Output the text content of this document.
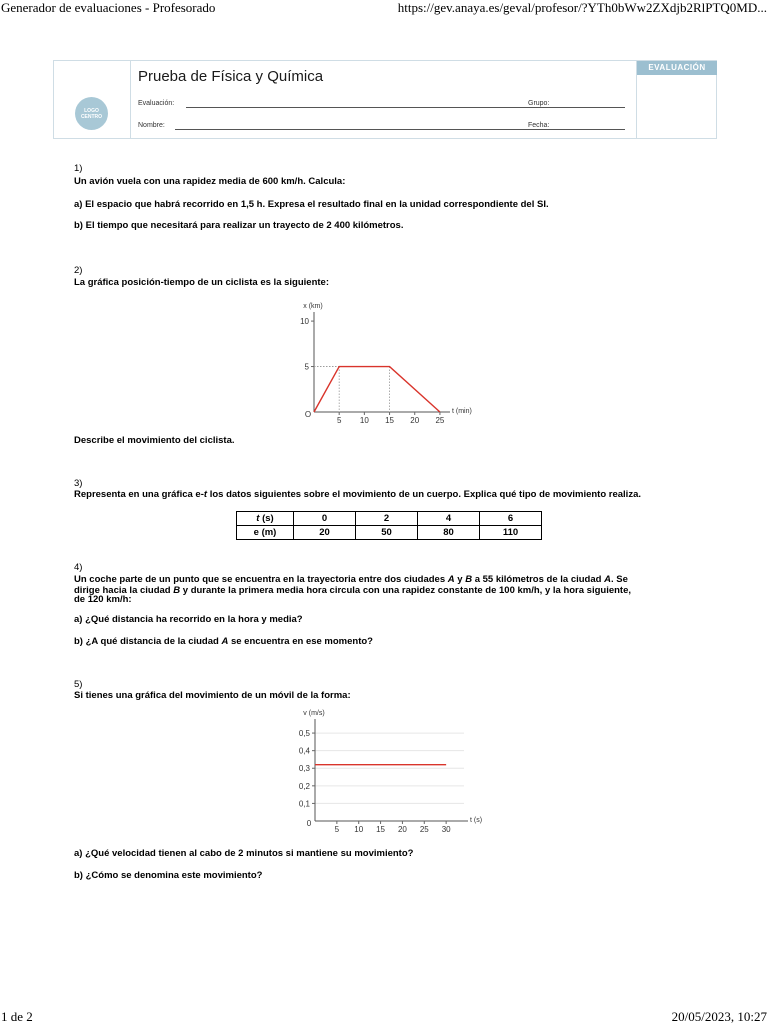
Generador de evaluaciones - Profesorado	https://gev.anaya.es/geval/profesor/?YTh0bWw2ZXdjb2RlPTQ0MD...
LOGO CENTRO
Prueba de Física y Química
Evaluación:	Grupo:
Nombre:	Fecha:
EVALUACIÓN
1)
Un avión vuela con una rapidez media de 600 km/h. Calcula:
a) El espacio que habrá recorrido en 1,5 h. Expresa el resultado final en la unidad correspondiente del SI.
b) El tiempo que necesitará para realizar un trayecto de 2 400 kilómetros.
2)
La gráfica posición-tiempo de un ciclista es la siguiente:
5 10 15 20 25
5
10
O
x (km)
t (min)
Describe el movimiento del ciclista.
3)
Representa en una gráfica e-t los datos siguientes sobre el movimiento de un cuerpo. Explica qué tipo de movimiento realiza.
t (s)	0	2	4	6
e (m)	20	50	80	110
4)
Un coche parte de un punto que se encuentra en la trayectoria entre dos ciudades A y B a 55 kilómetros de la ciudad A. Se
dirige hacia la ciudad B y durante la primera media hora circula con una rapidez constante de 100 km/h, y la hora siguiente,
de 120 km/h:
a) ¿Qué distancia ha recorrido en la hora y media?
b) ¿A qué distancia de la ciudad A se encuentra en ese momento?
5)
Si tienes una gráfica del movimiento de un móvil de la forma:
5 10 15 20 25 30
0,1
0,2
0,3
0,4
0,5
0
v (m/s)
t (s)
a) ¿Qué velocidad tienen al cabo de 2 minutos si mantiene su movimiento?
b) ¿Cómo se denomina este movimiento?
1 de 2	20/05/2023, 10:27
